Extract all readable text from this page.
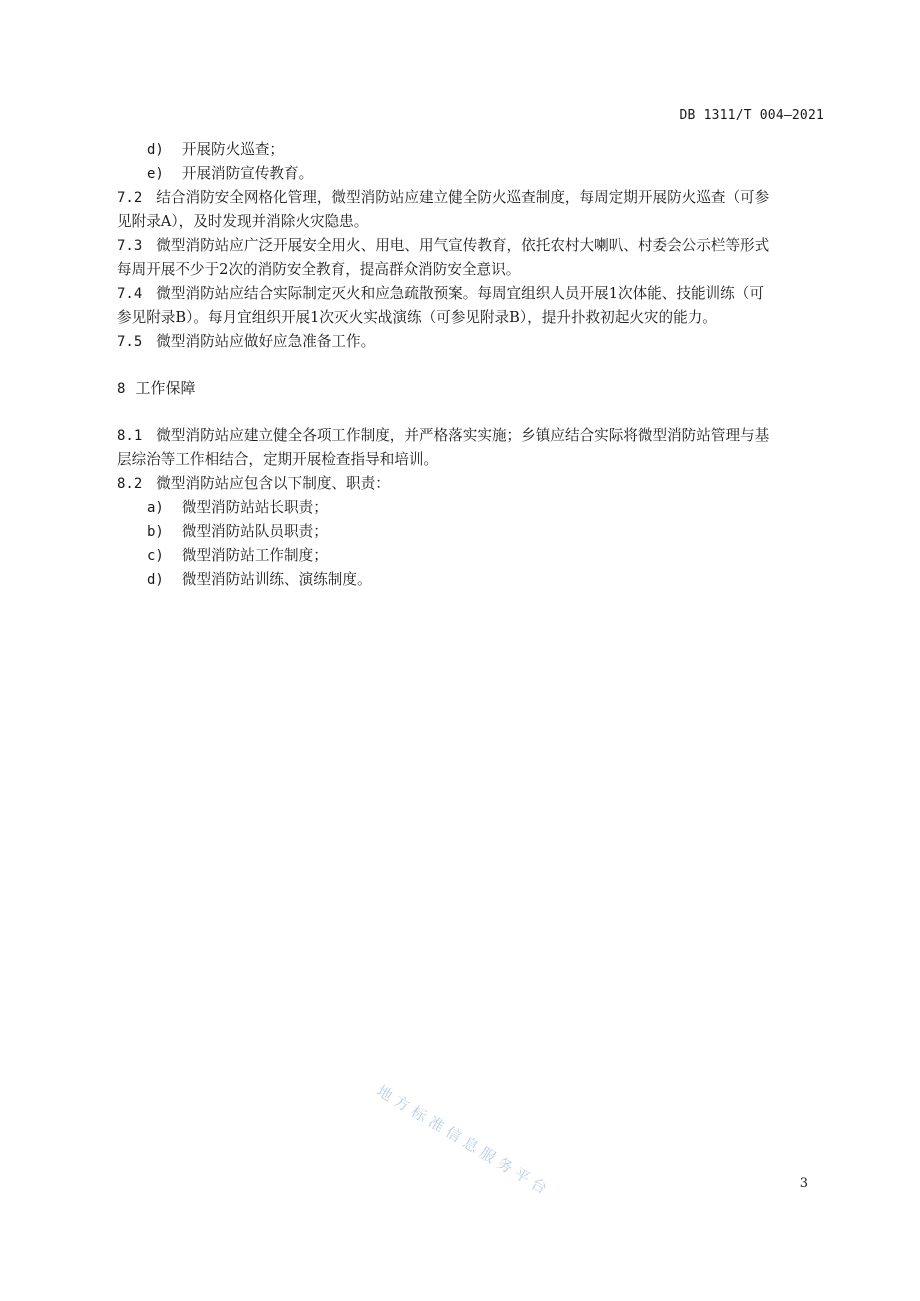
DB 1311/T 004—2021
d) 开展防火巡查；
e) 开展消防宣传教育。
7.2 结合消防安全网格化管理，微型消防站应建立健全防火巡查制度，每周定期开展防火巡查（可参
见附录A），及时发现并消除火灾隐患。
7.3 微型消防站应广泛开展安全用火、用电、用气宣传教育，依托农村大喇叭、村委会公示栏等形式
每周开展不少于2次的消防安全教育，提高群众消防安全意识。
7.4 微型消防站应结合实际制定灭火和应急疏散预案。每周宜组织人员开展1次体能、技能训练（可
参见附录B）。每月宜组织开展1次灭火实战演练（可参见附录B），提升扑救初起火灾的能力。
7.5 微型消防站应做好应急准备工作。
8 工作保障
8.1 微型消防站应建立健全各项工作制度，并严格落实实施；乡镇应结合实际将微型消防站管理与基
层综治等工作相结合，定期开展检查指导和培训。
8.2 微型消防站应包含以下制度、职责：
a) 微型消防站站长职责；
b) 微型消防站队员职责；
c) 微型消防站工作制度；
d) 微型消防站训练、演练制度。
地方标准信息服务平台	3
